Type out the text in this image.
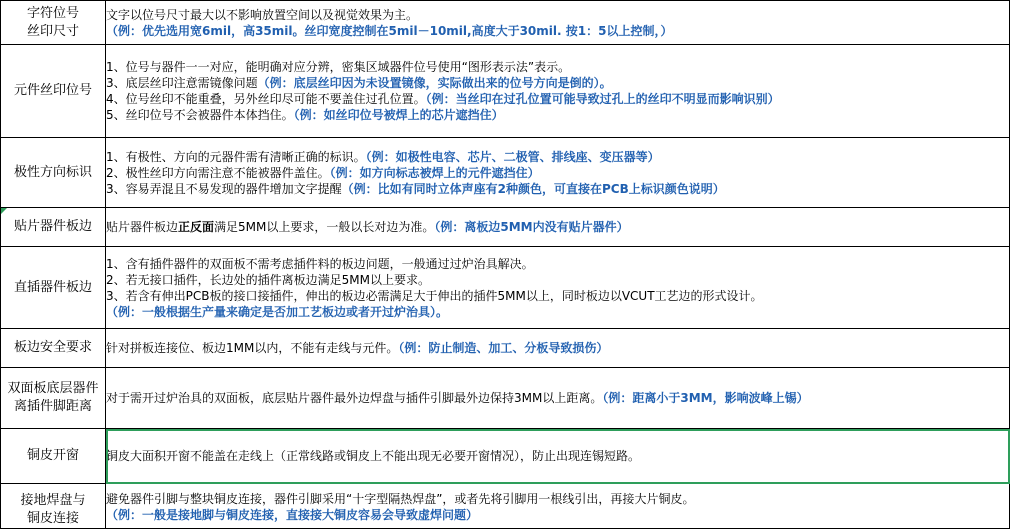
字符位号
丝印尺寸	文字以位号尺寸最大以不影响放置空间以及视觉效果为主。
（例：优先选用宽6mil，高35mil。丝印宽度控制在5mil－10mil,高度大于30mil. 按1：5以上控制，）

元件丝印位号	1、位号与器件一一对应，能明确对应分辨，密集区域器件位号使用“图形表示法”表示。
3、底层丝印注意需镜像问题（例：底层丝印因为未设置镜像，实际做出来的位号方向是倒的）。
4、位号丝印不能重叠，另外丝印尽可能不要盖住过孔位置。（例：当丝印在过孔位置可能导致过孔上的丝印不明显而影响识别）
5、丝印位号不会被器件本体挡住。（例：如丝印位号被焊上的芯片遮挡住）

极性方向标识	1、有极性、方向的元器件需有清晰正确的标识。（例：如极性电容、芯片、二极管、排线座、变压器等）
2、极性丝印方向需注意不能被器件盖住。（例：如方向标志被焊上的元件遮挡住）
3、容易弄混且不易发现的器件增加文字提醒（例：比如有同时立体声座有2种颜色，可直接在PCB上标识颜色说明）

贴片器件板边	贴片器件板边正反面满足5MM以上要求，一般以长对边为准。（例：离板边5MM内没有贴片器件）

直插器件板边	1、含有插件器件的双面板不需考虑插件料的板边问题，一般通过过炉治具解决。
2、若无接口插件，长边处的插件离板边满足5MM以上要求。
3、若含有伸出PCB板的接口接插件，伸出的板边必需满足大于伸出的插件5MM以上，同时板边以VCUT工艺边的形式设计。
（例：一般根据生产量来确定是否加工艺板边或者开过炉治具）。

板边安全要求	针对拼板连接位、板边1MM以内，不能有走线与元件。（例：防止制造、加工、分板导致损伤）

双面板底层器件
离插件脚距离	对于需开过炉治具的双面板，底层贴片器件最外边焊盘与插件引脚最外边保持3MM以上距离。（例：距离小于3MM，影响波峰上锡）

铜皮开窗	铜皮大面积开窗不能盖在走线上（正常线路或铜皮上不能出现无必要开窗情况），防止出现连锡短路。

接地焊盘与
铜皮连接	避免器件引脚与整块铜皮连接，器件引脚采用“十字型隔热焊盘”，或者先将引脚用一根线引出，再接大片铜皮。
（例：一般是接地脚与铜皮连接，直接接大铜皮容易会导致虚焊问题）
